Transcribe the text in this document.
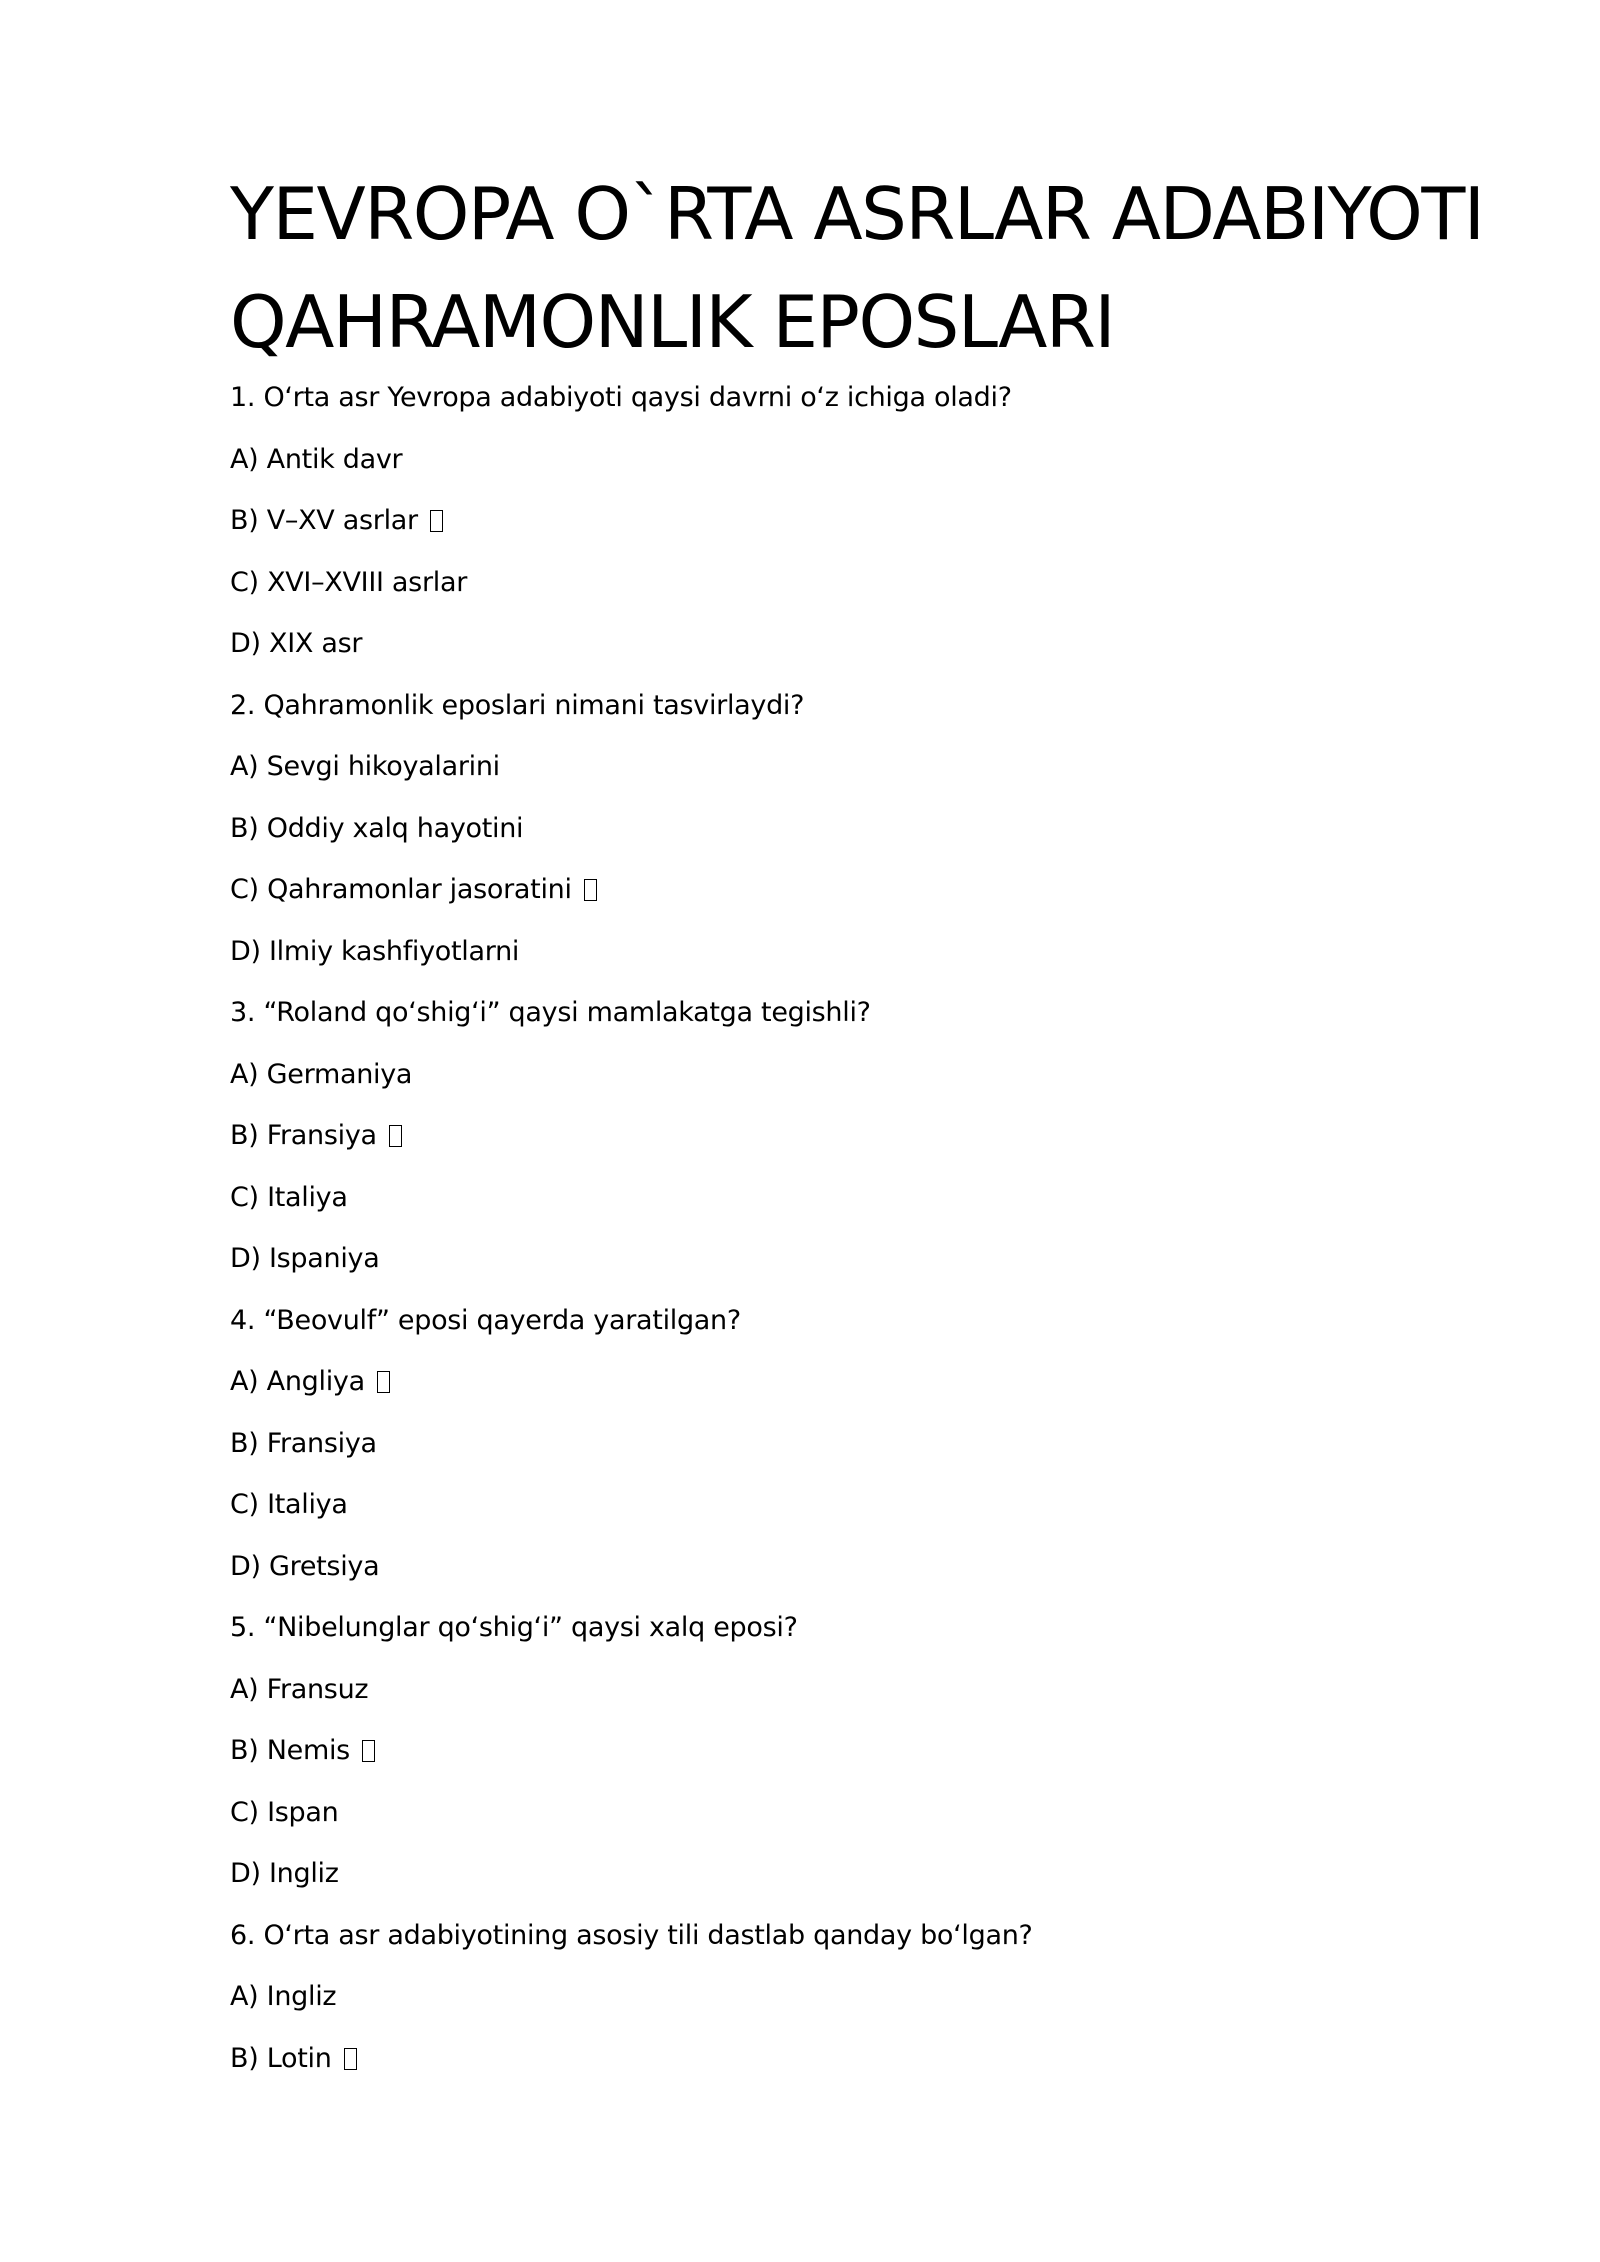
YEVROPA O`RTA ASRLAR ADABIYOTI
QAHRAMONLIK EPOSLARI
1. O‘rta asr Yevropa adabiyoti qaysi davrni o‘z ichiga oladi?
A) Antik davr
B) V–XV asrlar
C) XVI–XVIII asrlar
D) XIX asr
2. Qahramonlik eposlari nimani tasvirlaydi?
A) Sevgi hikoyalarini
B) Oddiy xalq hayotini
C) Qahramonlar jasoratini
D) Ilmiy kashfiyotlarni
3. “Roland qo‘shig‘i” qaysi mamlakatga tegishli?
A) Germaniya
B) Fransiya
C) Italiya
D) Ispaniya
4. “Beovulf” eposi qayerda yaratilgan?
A) Angliya
B) Fransiya
C) Italiya
D) Gretsiya
5. “Nibelunglar qo‘shig‘i” qaysi xalq eposi?
A) Fransuz
B) Nemis
C) Ispan
D) Ingliz
6. O‘rta asr adabiyotining asosiy tili dastlab qanday bo‘lgan?
A) Ingliz
B) Lotin
